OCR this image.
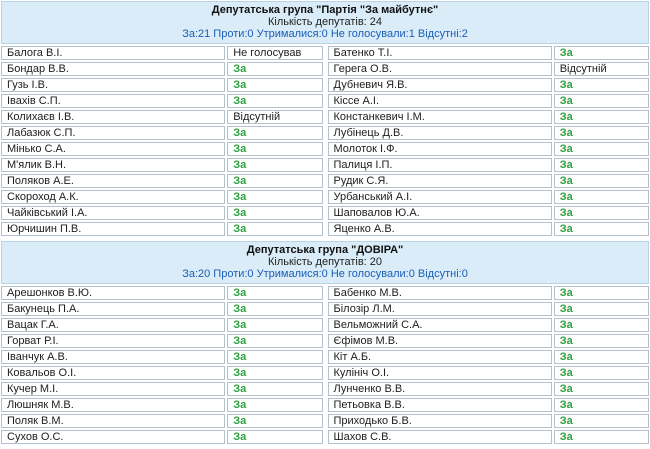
Депутатська група "Партія "За майбутнє"
Кількість депутатів: 24
За:21 Проти:0 Утрималися:0 Не голосували:1 Відсутні:2
Балога В.І.	Не голосував
Бондар В.В.	За
Гузь І.В.	За
Івахів С.П.	За
Колихаєв І.В.	Відсутній
Лабазюк С.П.	За
Мінько С.А.	За
М'ялик В.Н.	За
Поляков А.Е.	За
Скороход А.К.	За
Чайківський І.А.	За
Юрчишин П.В.	За
Батенко Т.І.	За
Герега О.В.	Відсутній
Дубневич Я.В.	За
Кіссе А.І.	За
Констанкевич І.М.	За
Лубінець Д.В.	За
Молоток І.Ф.	За
Палиця І.П.	За
Рудик С.Я.	За
Урбанський А.І.	За
Шаповалов Ю.А.	За
Яценко А.В.	За
Депутатська група "ДОВІРА"
Кількість депутатів: 20
За:20 Проти:0 Утрималися:0 Не голосували:0 Відсутні:0
Арешонков В.Ю.	За
Бакунець П.А.	За
Вацак Г.А.	За
Горват Р.І.	За
Іванчук А.В.	За
Ковальов О.І.	За
Кучер М.І.	За
Люшняк М.В.	За
Поляк В.М.	За
Сухов О.С.	За
Бабенко М.В.	За
Білозір Л.М.	За
Вельможний С.А.	За
Єфімов М.В.	За
Кіт А.Б.	За
Кулініч О.І.	За
Лунченко В.В.	За
Петьовка В.В.	За
Приходько Б.В.	За
Шахов С.В.	За
